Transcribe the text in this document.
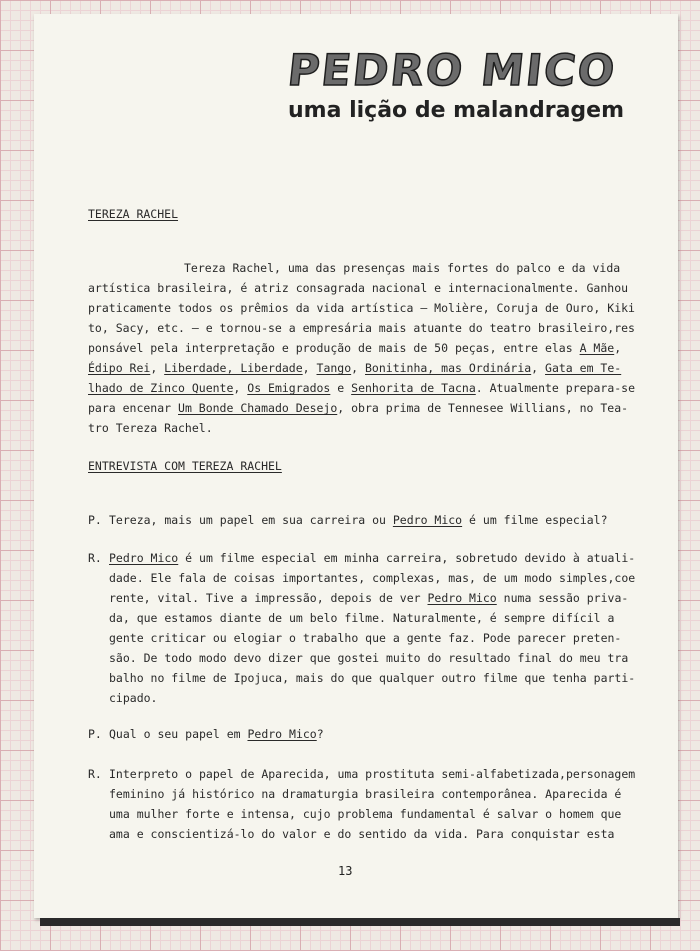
PEDRO MICO
uma lição de malandragem
TEREZA RACHEL
Tereza Rachel, uma das presenças mais fortes do palco e da vida
artística brasileira, é atriz consagrada nacional e internacionalmente. Ganhou
praticamente todos os prêmios da vida artística — Molière, Coruja de Ouro, Kiki
to, Sacy, etc. — e tornou-se a empresária mais atuante do teatro brasileiro,res
ponsável pela interpretação e produção de mais de 50 peças, entre elas A Mãe
Édipo Rei, Liberdade, Liberdade, Tango, Bonitinha, mas Ordinária, Gata em Te-
lhado de Zinco Quente, Os Emigrados e Senhorita de Tacna. Atualmente prepara-se
para encenar Um Bonde Chamado Desejo, obra prima de Tennesee Willians, no Tea-
tro Tereza Rachel.
ENTREVISTA COM TEREZA RACHEL
P. Tereza, mais um papel em sua carreira ou Pedro Mico é um filme especial?
R. Pedro Mico é um filme especial em minha carreira, sobretudo devido à atuali-
dade. Ele fala de coisas importantes, complexas, mas, de um modo simples,coe
rente, vital. Tive a impressão, depois de ver Pedro Mico numa sessão priva-
da, que estamos diante de um belo filme. Naturalmente, é sempre difícil a
gente criticar ou elogiar o trabalho que a gente faz. Pode parecer preten-
são. De todo modo devo dizer que gostei muito do resultado final do meu tra
balho no filme de Ipojuca, mais do que qualquer outro filme que tenha parti-
cipado.
P. Qual o seu papel em Pedro Mico?
R. Interpreto o papel de Aparecida, uma prostituta semi-alfabetizada,personagem
feminino já histórico na dramaturgia brasileira contemporânea. Aparecida é
uma mulher forte e intensa, cujo problema fundamental é salvar o homem que
ama e conscientizá-lo do valor e do sentido da vida. Para conquistar esta
13
